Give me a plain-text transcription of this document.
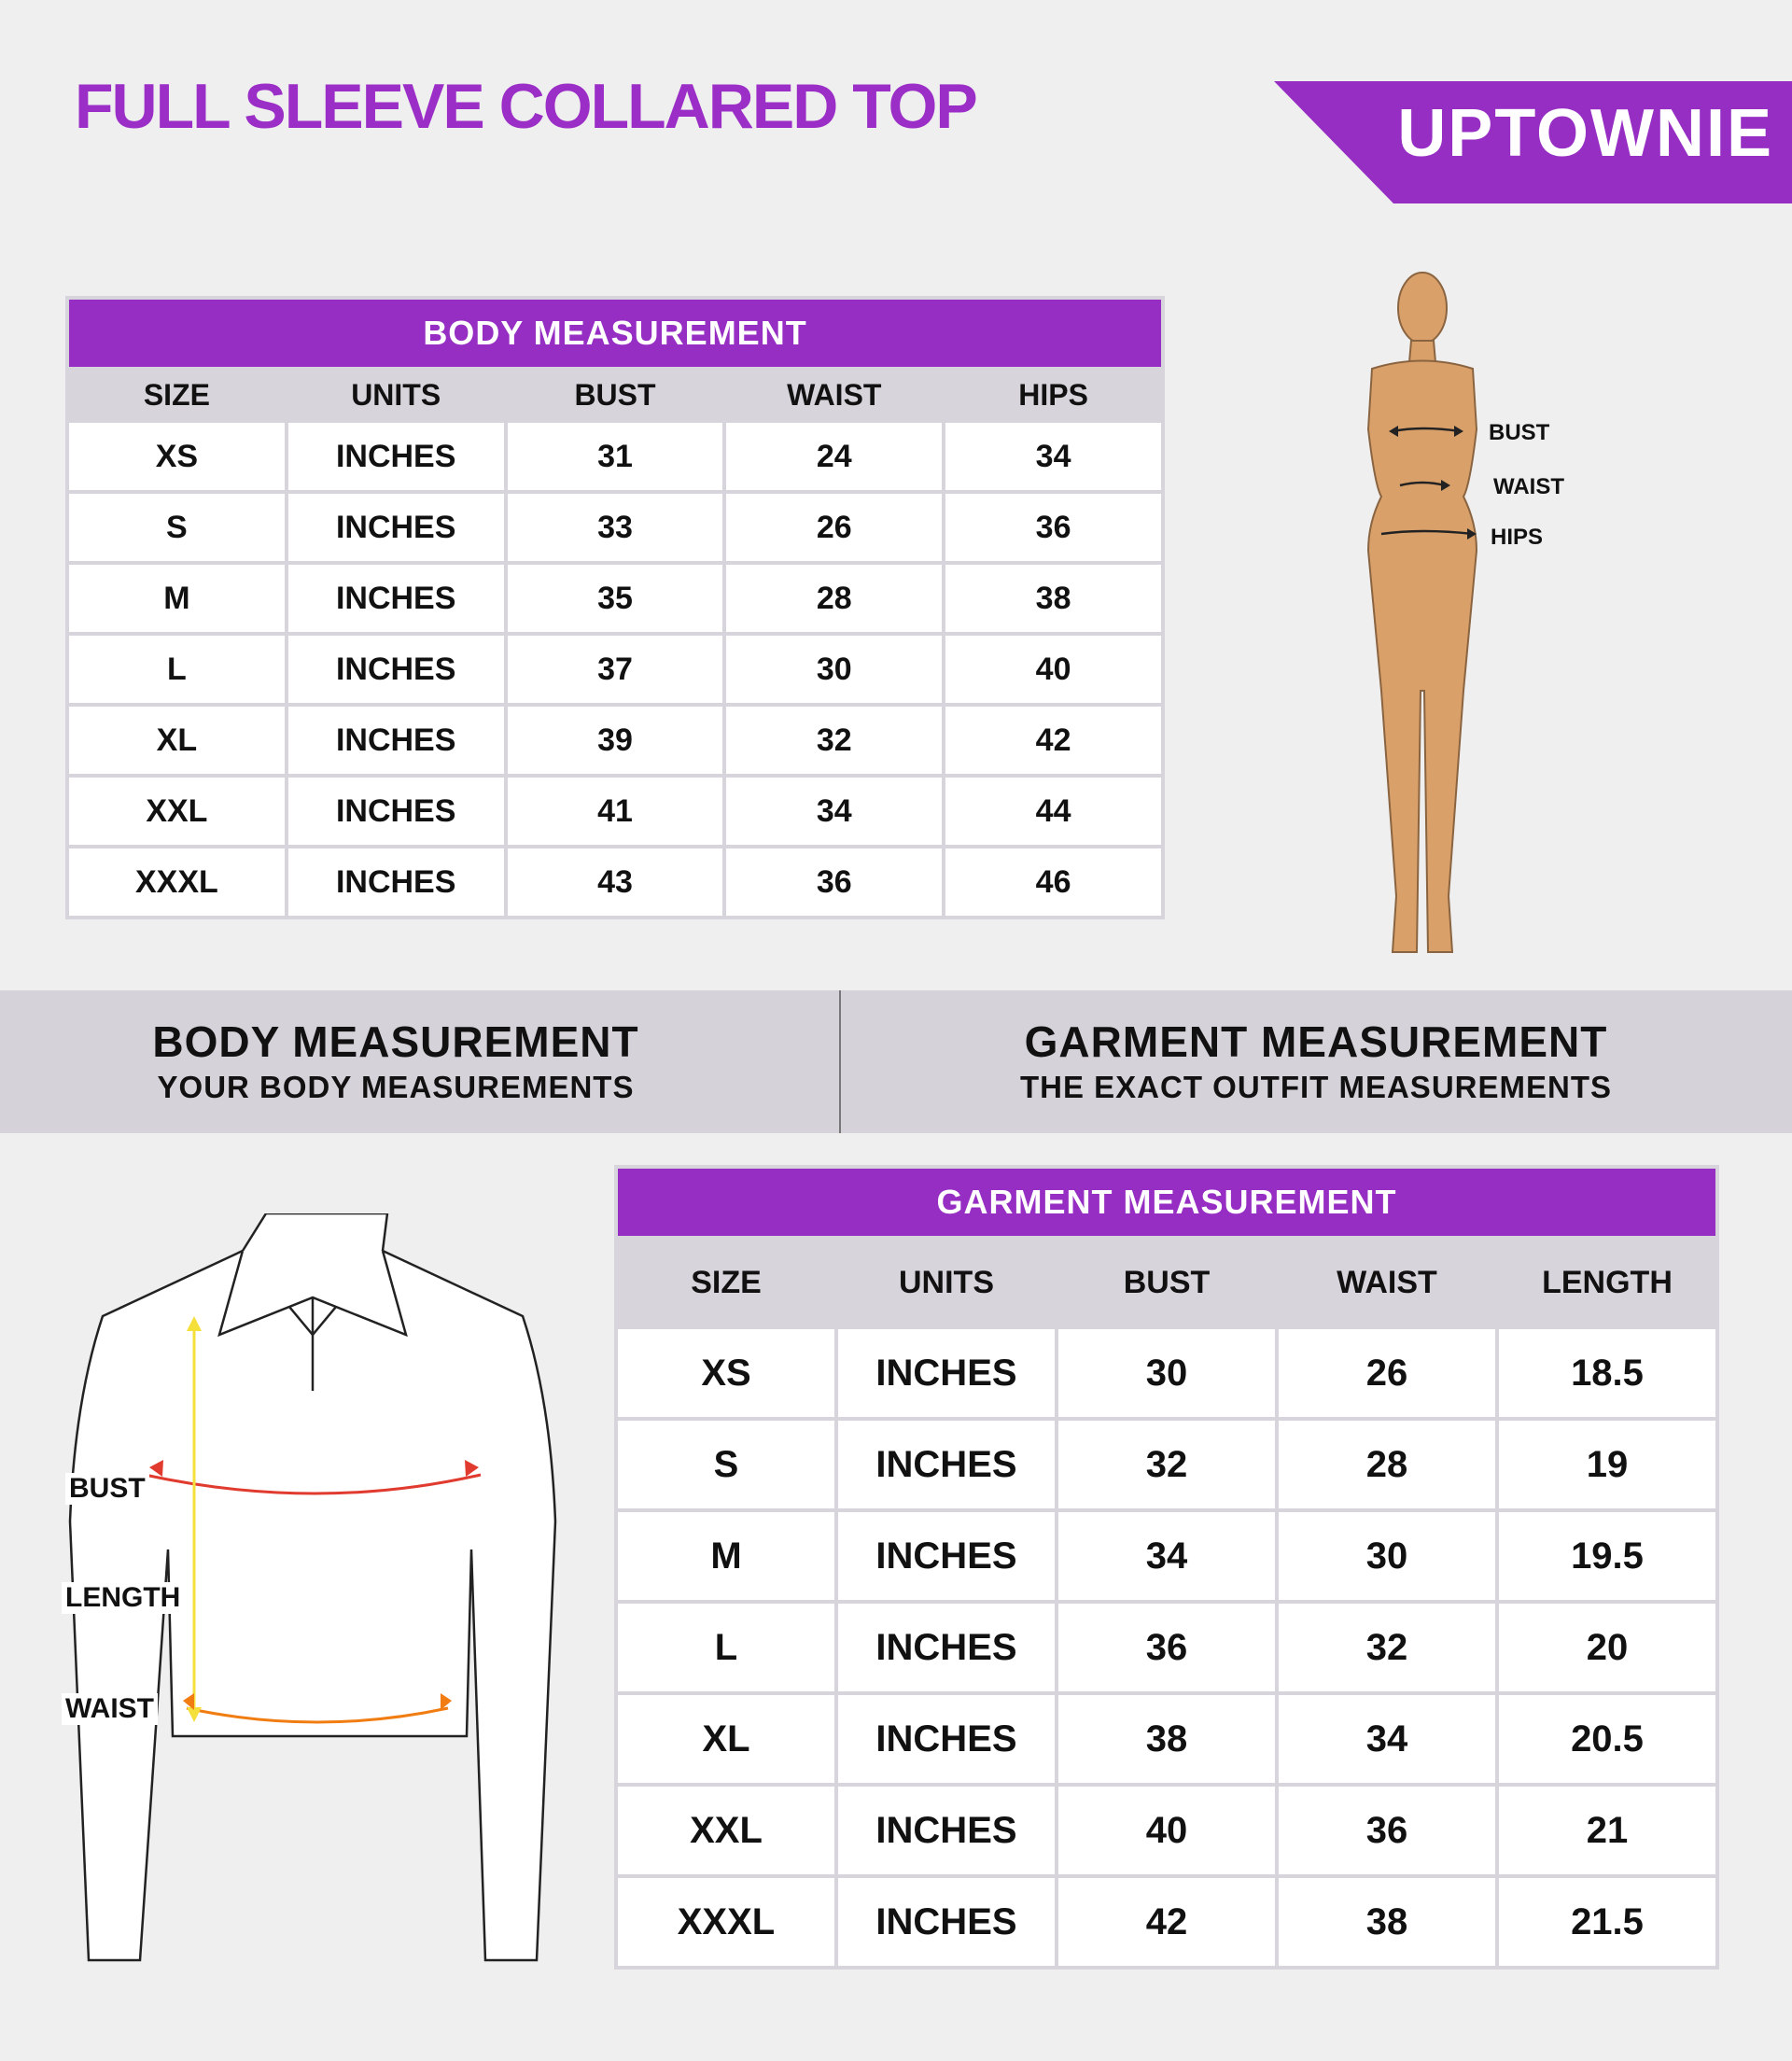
FULL SLEEVE COLLARED TOP	UPTOWNIE
BODY MEASUREMENT				
SIZE	UNITS	BUST	WAIST	HIPS
XS	INCHES	31	24	34
S	INCHES	33	26	36
M	INCHES	35	28	38
L	INCHES	37	30	40
XL	INCHES	39	32	42
XXL	INCHES	41	34	44
XXXL	INCHES	43	36	46
BUST
WAIST
HIPS
BODY MEASUREMENT
YOUR BODY MEASUREMENTS
GARMENT MEASUREMENT
THE EXACT OUTFIT MEASUREMENTS
BUST
LENGTH
WAIST
GARMENT MEASUREMENT				
SIZE	UNITS	BUST	WAIST	LENGTH
XS	INCHES	30	26	18.5
S	INCHES	32	28	19
M	INCHES	34	30	19.5
L	INCHES	36	32	20
XL	INCHES	38	34	20.5
XXL	INCHES	40	36	21
XXXL	INCHES	42	38	21.5
